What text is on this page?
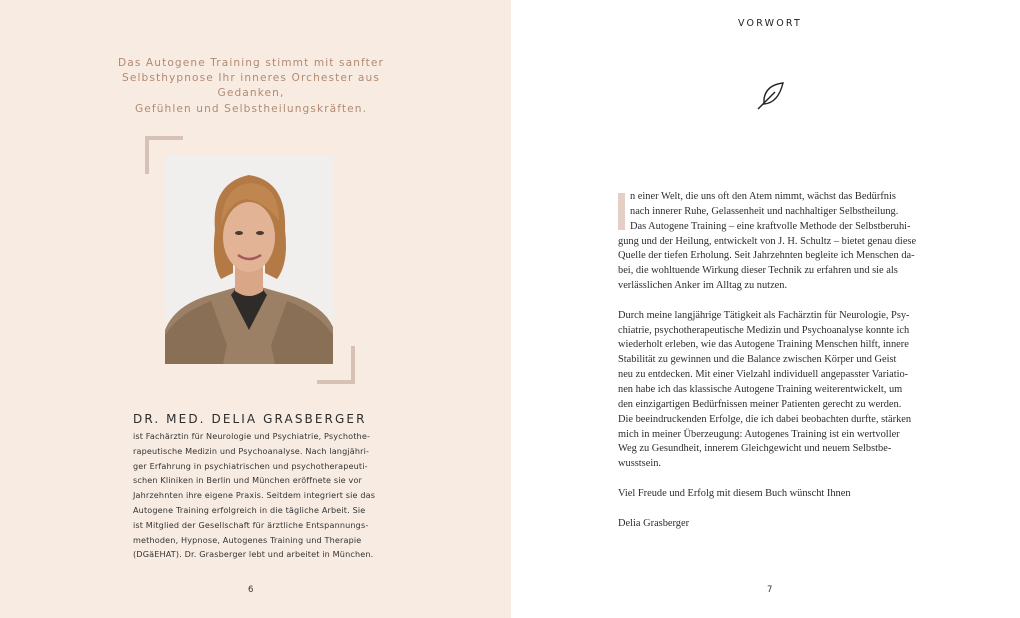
Das Autogene Training stimmt mit sanfter
Selbsthypnose Ihr inneres Orchester aus Gedanken,
Gefühlen und Selbstheilungskräften.
DR. MED. DELIA GRASBERGER
ist Fachärztin für Neurologie und Psychiatrie, Psychothe-
rapeutische Medizin und Psychoanalyse. Nach langjähri-
ger Erfahrung in psychiatrischen und psychotherapeuti-
schen Kliniken in Berlin und München eröffnete sie vor
Jahrzehnten ihre eigene Praxis. Seitdem integriert sie das
Autogene Training erfolgreich in die tägliche Arbeit. Sie
ist Mitglied der Gesellschaft für ärztliche Entspannungs-
methoden, Hypnose, Autogenes Training und Therapie
(DGäEHAT). Dr. Grasberger lebt und arbeitet in München.
6
VORWORT
n einer Welt, die uns oft den Atem nimmt, wächst das Bedürfnis
nach innerer Ruhe, Gelassenheit und nachhaltiger Selbstheilung.
Das Autogene Training – eine kraftvolle Methode der Selbstberuhi-
gung und der Heilung, entwickelt von J. H. Schultz – bietet genau diese
Quelle der tiefen Erholung. Seit Jahrzehnten begleite ich Menschen da-
bei, die wohltuende Wirkung dieser Technik zu erfahren und sie als
verlässlichen Anker im Alltag zu nutzen.
Durch meine langjährige Tätigkeit als Fachärztin für Neurologie, Psy-
chiatrie, psychotherapeutische Medizin und Psychoanalyse konnte ich
wiederholt erleben, wie das Autogene Training Menschen hilft, innere
Stabilität zu gewinnen und die Balance zwischen Körper und Geist
neu zu entdecken. Mit einer Vielzahl individuell angepasster Variatio-
nen habe ich das klassische Autogene Training weiterentwickelt, um
den einzigartigen Bedürfnissen meiner Patienten gerecht zu werden.
Die beeindruckenden Erfolge, die ich dabei beobachten durfte, stärken
mich in meiner Überzeugung: Autogenes Training ist ein wertvoller
Weg zu Gesundheit, innerem Gleichgewicht und neuem Selbstbe-
wusstsein.
Viel Freude und Erfolg mit diesem Buch wünscht Ihnen
Delia Grasberger
7
